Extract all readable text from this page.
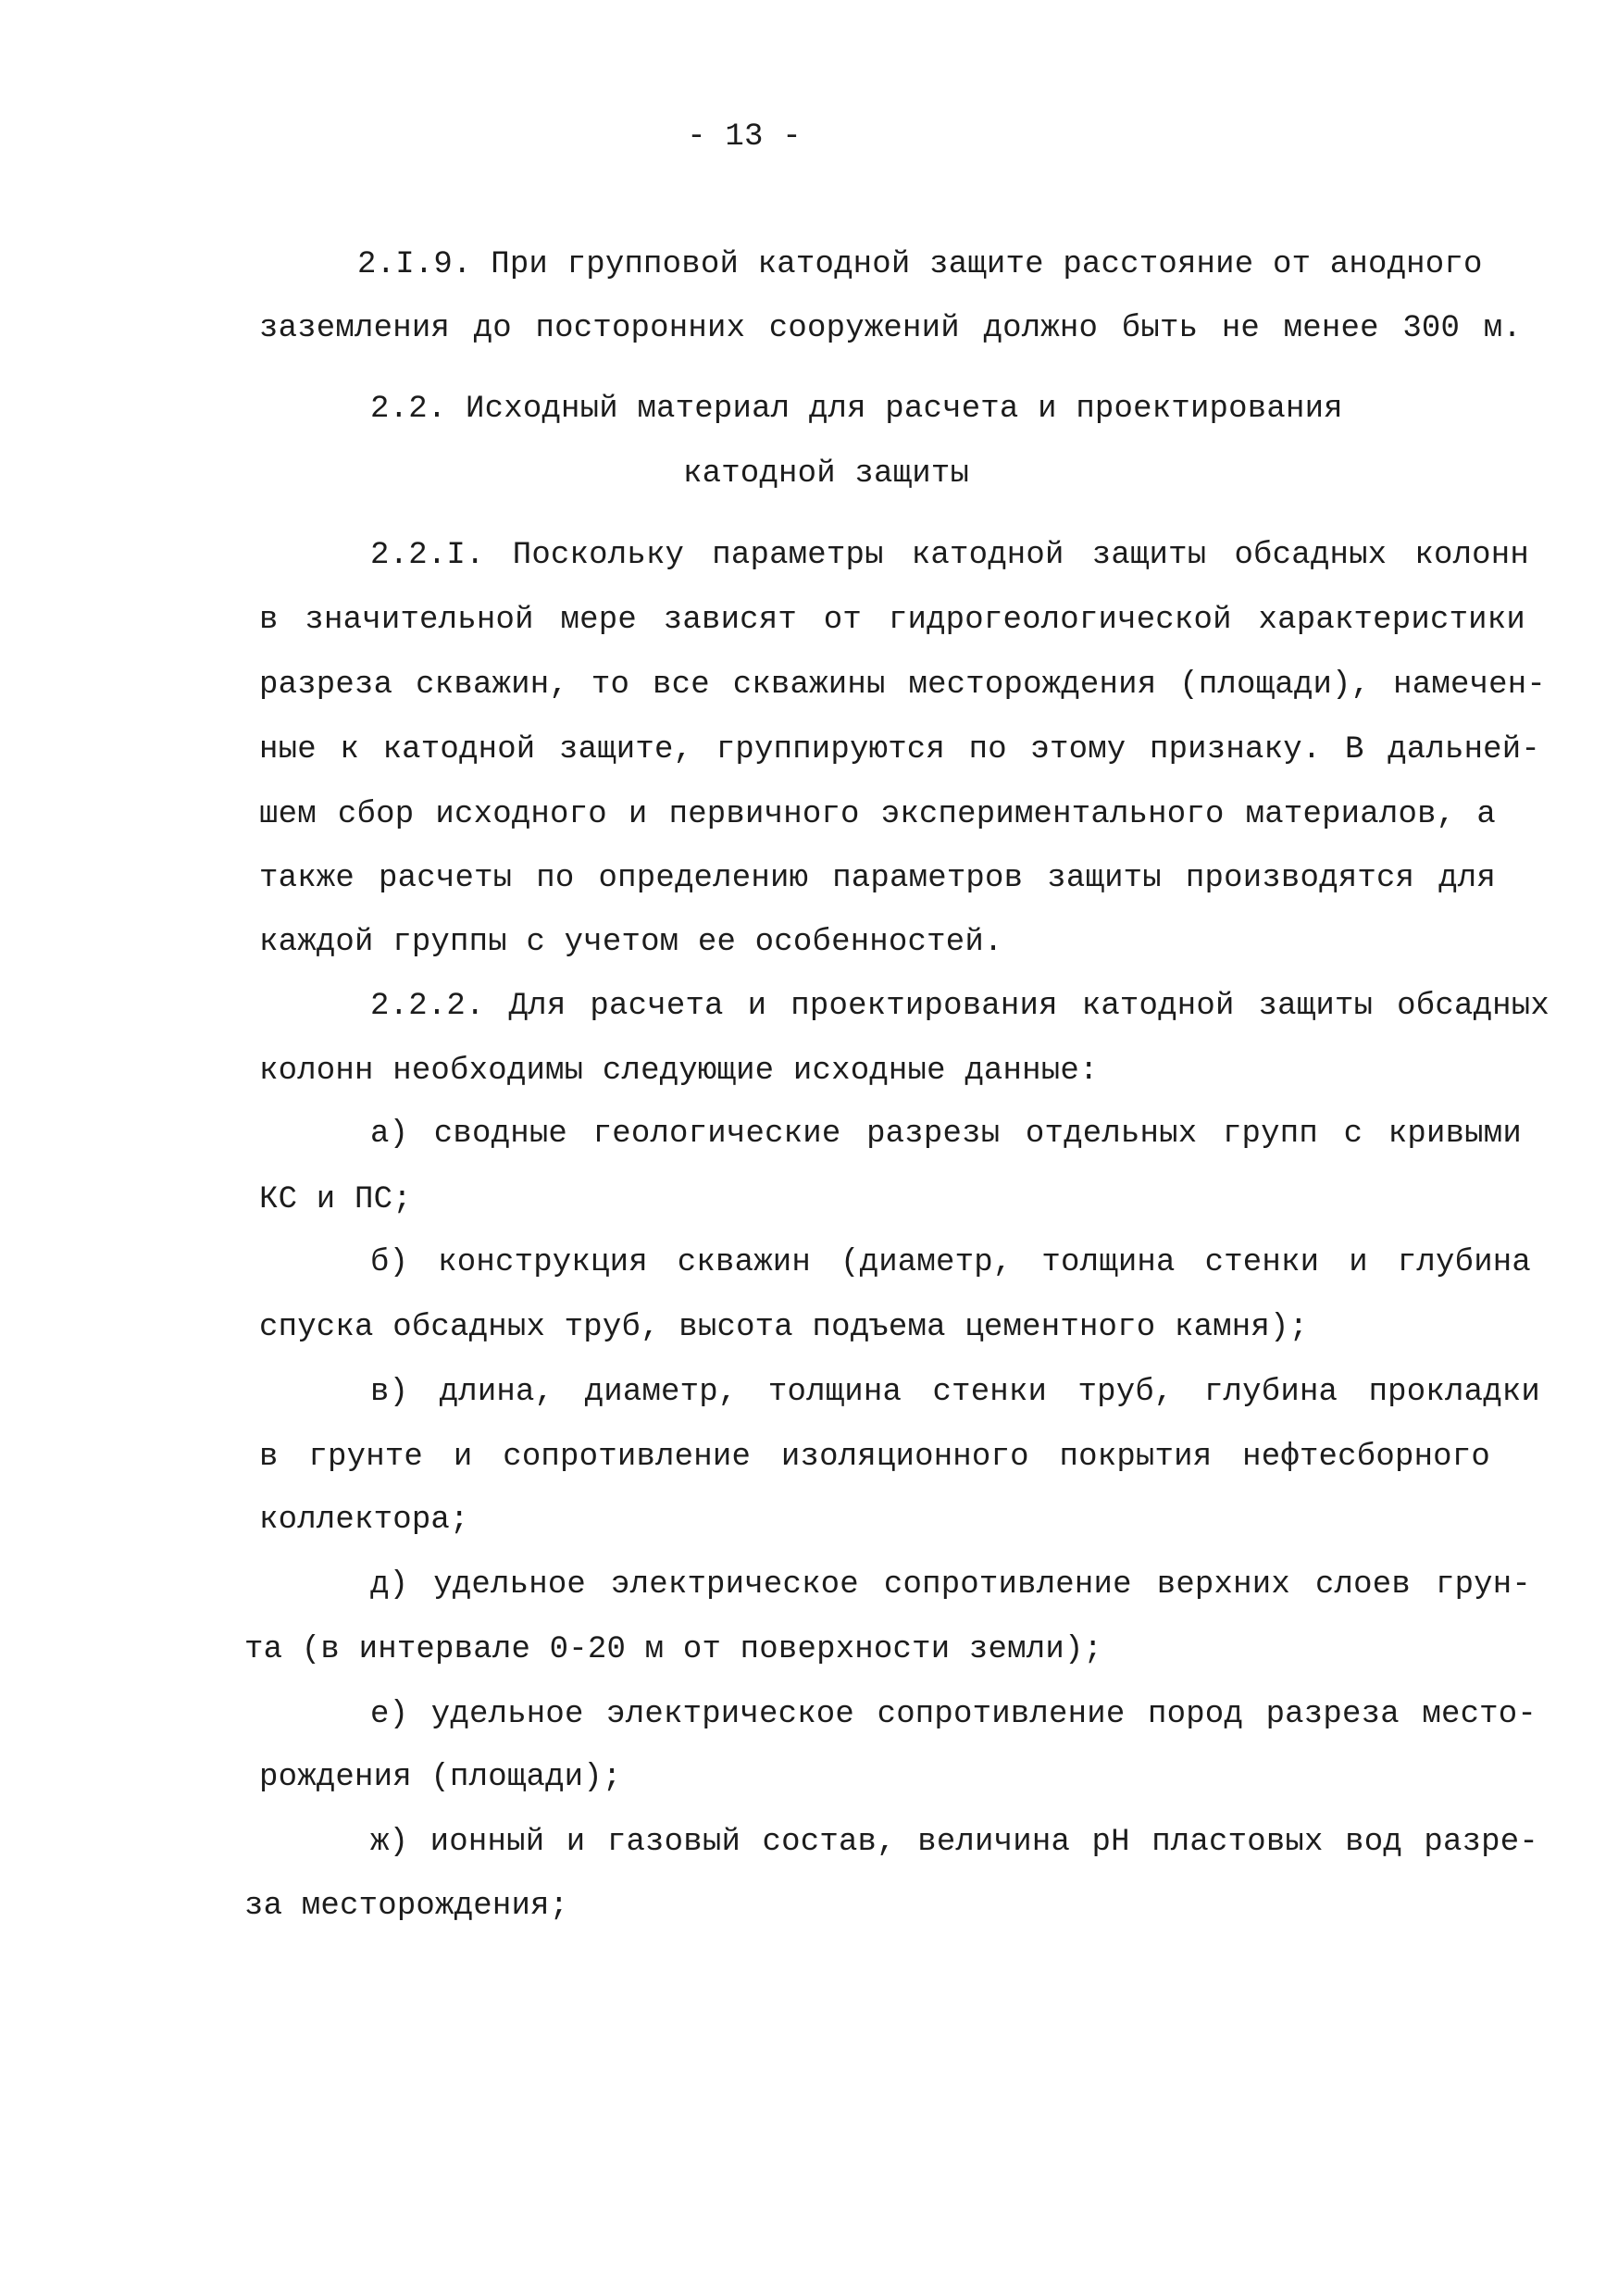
- 13 -
2.I.9. При групповой катодной защите расстояние от анодного
заземления до посторонних сооружений должно быть не менее 300 м.
2.2. Исходный материал для расчета и проектирования
катодной защиты
2.2.I. Поскольку параметры катодной защиты обсадных колонн
в значительной мере зависят от гидрогеологической характеристики
разреза скважин, то все скважины месторождения (площади), намечен-
ные к катодной защите, группируются по этому признаку. В дальней-
шем сбор исходного и первичного экспериментального материалов, а
также расчеты по определению параметров защиты производятся для
каждой группы с учетом ее особенностей.
2.2.2. Для расчета и проектирования катодной защиты обсадных
колонн необходимы следующие исходные данные:
а) сводные геологические разрезы отдельных групп с кривыми
КС и ПС;
б) конструкция скважин (диаметр, толщина стенки и глубина
спуска обсадных труб, высота подъема цементного камня);
в) длина, диаметр, толщина стенки труб, глубина прокладки
в грунте и сопротивление изоляционного покрытия нефтесборного
коллектора;
д) удельное электрическое сопротивление верхних слоев грун-
та (в интервале 0-20 м от поверхности земли);
е) удельное электрическое сопротивление пород разреза место-
рождения (площади);
ж) ионный и газовый состав, величина рН пластовых вод разре-
за месторождения;
